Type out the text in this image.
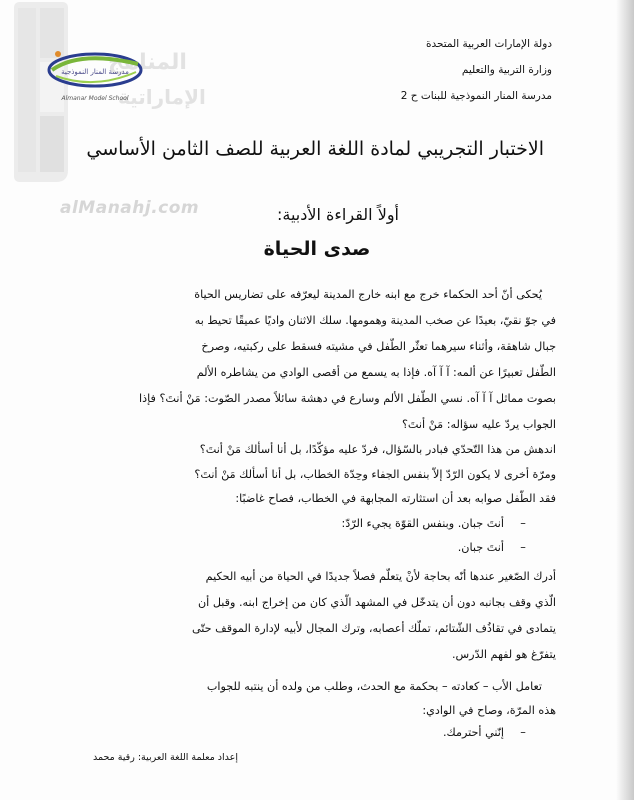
المناهج
الإماراتية
alManahj.com
مدرسة المنار النموذجية
Almanar Model School
دولة الإمارات العربية المتحدة
وزارة التربية والتعليم
مدرسة المنار النموذجية للبنات ح 2
الاختبار التجريبي لمادة اللغة العربية للصف الثامن الأساسي
أولاً القراءة الأدبية:
صدى الحياة
يُحكى أنّ أحد الحكماء خرج مع ابنه خارج المدينة ليعرّفه على تضاريس الحياة
في جوّ نقيّ، بعيدًا عن صخب المدينة وهمومها. سلك الاثنان واديًا عميقًا تحيط به
جبال شاهقة، وأثناء سيرهما تعثّر الطّفل في مشيته فسقط على ركبتيه، وصرخ
الطّفل تعبيرًا عن ألمه: آ آ آه. فإذا به يسمع من أقصى الوادي من يشاطره الألم
بصوت مماثل آ آ آه. نسي الطّفل الألم وسارع في دهشة سائلاً مصدر الصّوت: مَنْ أنتَ؟ فإذا
الجواب يردّ عليه سؤاله: مَنْ أنتَ؟
اندهش من هذا التّحدّي فبادر بالسّؤال، فردّ عليه مؤكّدًا، بل أنا أسألك مَنْ أنتَ؟
ومرّة أخرى لا يكون الرّدّ إلاّ بنفس الجفاء وحِدّة الخطاب، بل أنا أسألك مَنْ أنتَ؟
فقد الطّفل صوابه بعد أن استثارته المجابهة في الخطاب، فصاح غاضبًا:
–أنتَ جبان. وبنفس القوّة يجيء الرّدّ:
–أنتَ جبان.
أدرك الصّغير عندها أنّه بحاجة لأنْ يتعلّم فصلاً جديدًا في الحياة من أبيه الحكيم
الّذي وقف بجانبه دون أن يتدخّل في المشهد الّذي كان من إخراج ابنه. وقبل أن
يتمادى في تقاذُف الشّتائم، تملّك أعصابه، وترك المجال لأبيه لإدارة الموقف حتّى
يتفرّغ هو لفهم الدّرس.
تعامل الأب – كعادته – بحكمة مع الحدث، وطلب من ولده أن ينتبه للجواب
هذه المرّة، وصاح في الوادي:
–إنّني أحترمك.
إعداد معلمة اللغة العربية: رقية محمد
